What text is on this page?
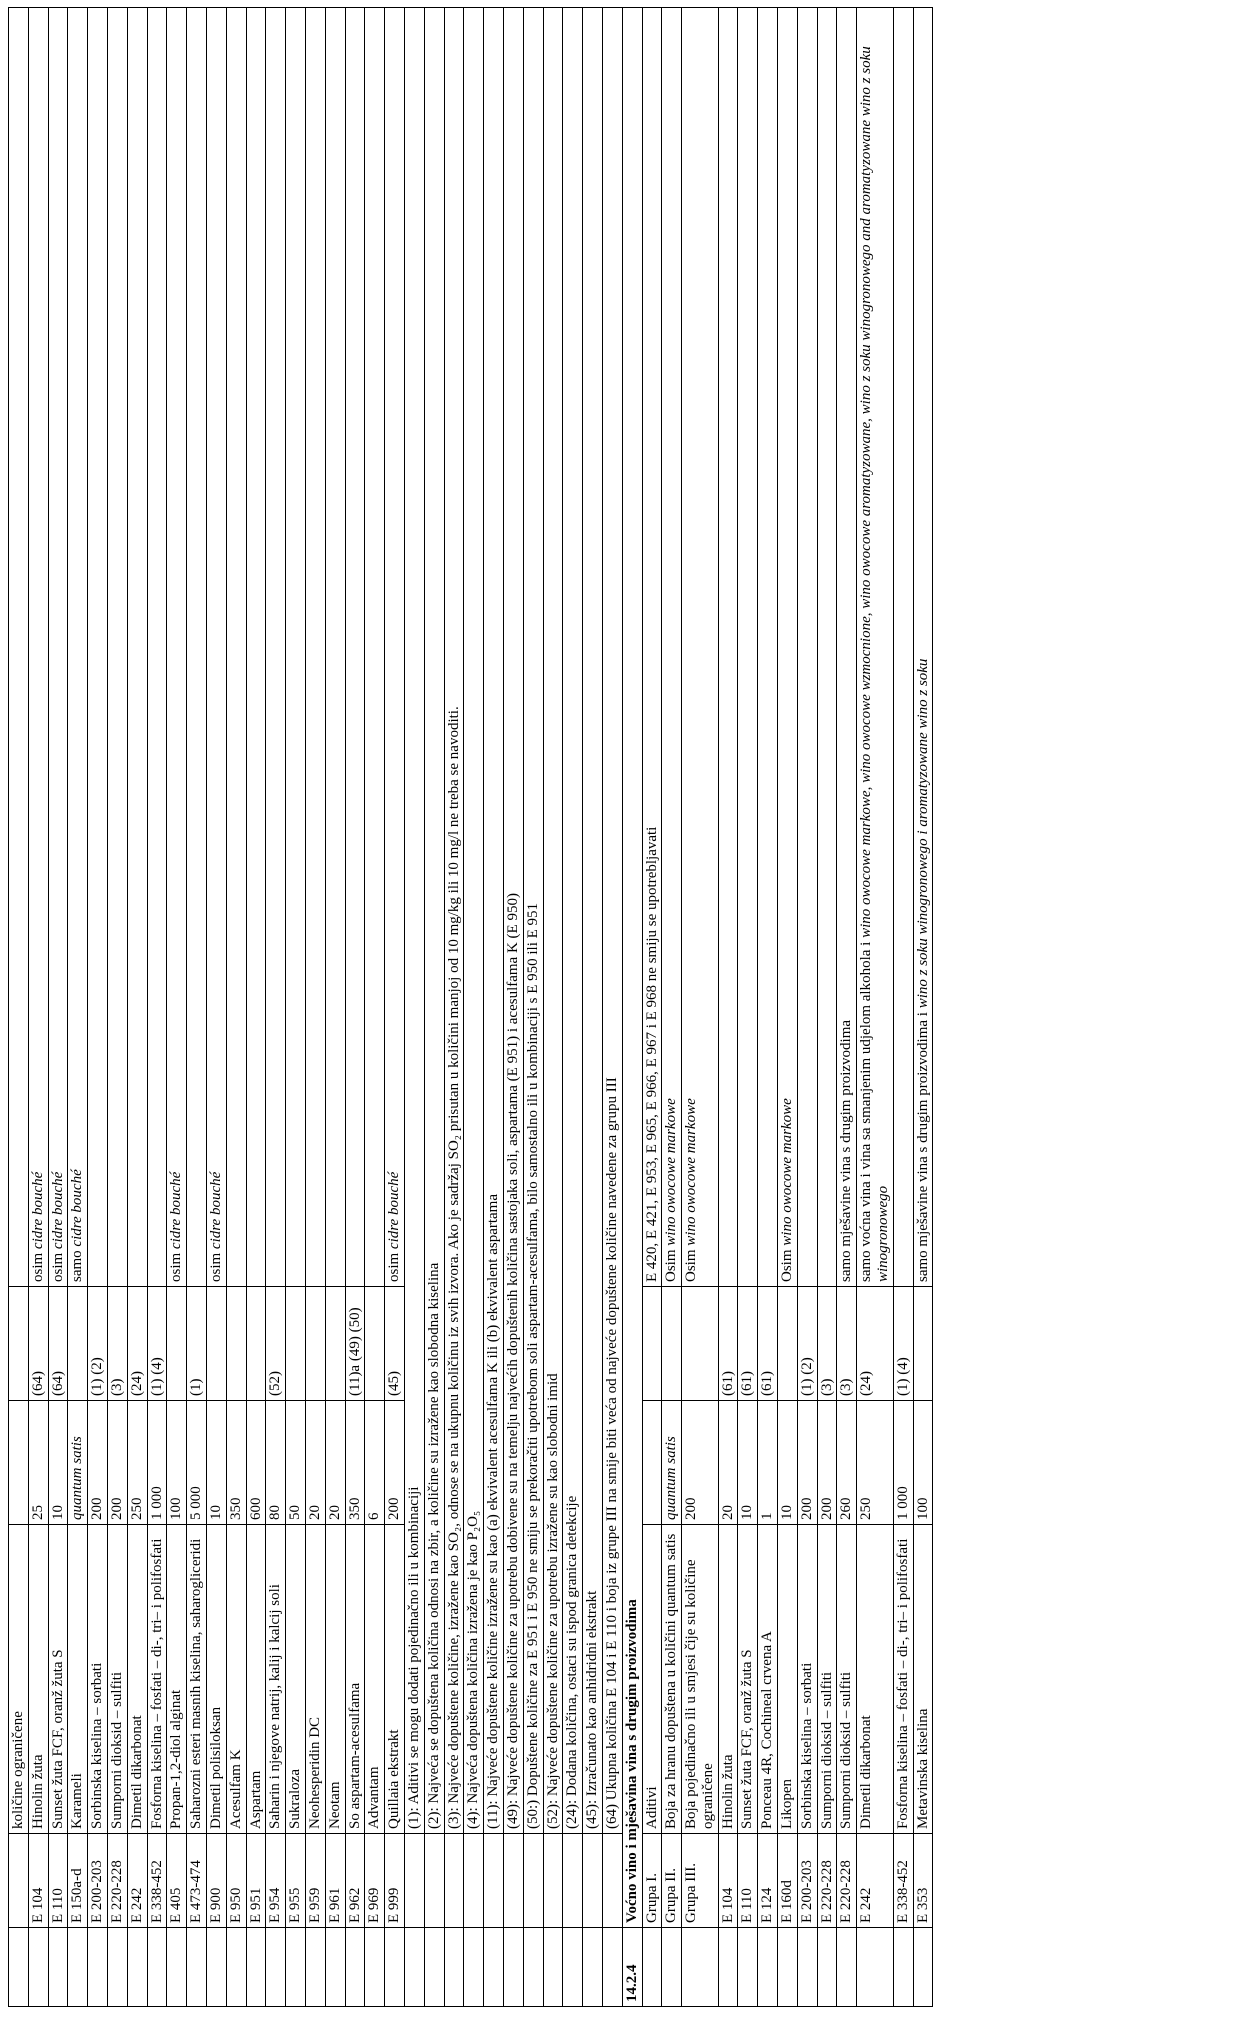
		količine ograničene			
	E 104	Hinolin žuta	25	(64)	osim cidre bouché
	E 110	Sunset žuta FCF, oranž žuta S	10	(64)	osim cidre bouché
	E 150a-d	Karameli	quantum satis		samo cidre bouché
	E 200-203	Sorbinska kiselina – sorbati	200	(1) (2)	
	E 220-228	Sumporni dioksid – sulfiti	200	(3)	
	E 242	Dimetil dikarbonat	250	(24)	
	E 338-452	Fosforna kiselina – fosfati – di-, tri– i polifosfati	1 000	(1) (4)	
	E 405	Propan-1,2-diol alginat	100		osim cidre bouché
	E 473-474	Saharozni esteri masnih kiselina, saharogliceridi	5 000	(1)	
	E 900	Dimetil polisiloksan	10		osim cidre bouché
	E 950	Acesulfam K	350		
	E 951	Aspartam	600		
	E 954	Saharin i njegove natrij, kalij i kalcij soli	80	(52)	
	E 955	Sukraloza	50		
	E 959	Neohesperidin DC	20		
	E 961	Neotam	20		
	E 962	So aspartam-acesulfama	350	(11)a (49) (50)	
	E 969	Advantam	6		
	E 999	Quillaia ekstrakt	200	(45)	osim cidre bouché
		(1): Aditivi se mogu dodati pojedinačno ili u kombinaciji			
		(2): Najveća se dopuštena količina odnosi na zbir, a količine su izražene kao slobodna kiselina			
		(3): Najveće dopuštene količine, izražene kao SO₂, odnose se na ukupnu količinu iz svih izvora. Ako je sadržaj SO₂ prisutan u količini manjoj od 10 mg/kg ili 10 mg/l ne treba se navoditi.			
		(4): Najveća dopuštena količina izražena je kao P₂O₅			
		(11): Najveće dopuštene količine izražene su kao (a) ekvivalent acesulfama K ili (b) ekvivalent aspartama			
		(49): Najveće dopuštene količine za upotrebu dobivene su na temelju najvećih dopuštenih količina sastojaka soli, aspartama (E 951) i acesulfama K (E 950)			
		(50:) Dopuštene količine za E 951 i E 950 ne smiju se prekoračiti upotrebom soli aspartam-acesulfama, bilo samostalno ili u kombinaciji s E 950 ili E 951			
		(52): Najveće dopuštene količine za upotrebu izražene su kao slobodni imid			
		(24): Dodana količina, ostaci su ispod granica detekcije			
		(45): Izračunato kao anhidridni ekstrakt			
		(64) Ukupna količina E 104 i E 110 i boja iz grupe III na smije biti veća od najveće dopuštene količine navedene za grupu III			
14.2.4	Voćno vino i mješavina vina s drugim proizvodima				
	Grupa I.	Aditivi			E 420, E 421, E 953, E 965, E 966, E 967 i E 968 ne smiju se upotrebljavati
	Grupa II.	Boja za hranu dopuštena u količini quantum satis	quantum satis		Osim wino owocowe markowe
	Grupa III.	Boja pojedinačno ili u smjesi čije su količine ograničene	200		Osim wino owocowe markowe
	E 104	Hinolin žuta	20	(61)	
	E 110	Sunset žuta FCF, oranž žuta S	10	(61)	
	E 124	Ponceau 4R, Cochineal crvena A	1	(61)	
	E 160d	Likopen	10		Osim wino owocowe markowe
	E 200-203	Sorbinska kiselina – sorbati	200	(1) (2)	
	E 220-228	Sumporni dioksid – sulfiti	200	(3)	
	E 220-228	Sumporni dioksid – sulfiti	260	(3)	samo mješavine vina s drugim proizvodima
	E 242	Dimetil dikarbonat	250	(24)	samo voćna vina i vina sa smanjenim udjelom alkohola i wino owocowe markowe, wino owocowe wzmocnione, wino owocowe aromatyzowane, wino z soku winogronowego and aromatyzowane wino z soku winogronowego
	E 338-452	Fosforna kiselina – fosfati – di-, tri– i polifosfati	1 000	(1) (4)	
	E 353	Metavinska kiselina	100		samo mješavine vina s drugim proizvodima i wino z soku winogronowego i aromatyzowane wino z soku
